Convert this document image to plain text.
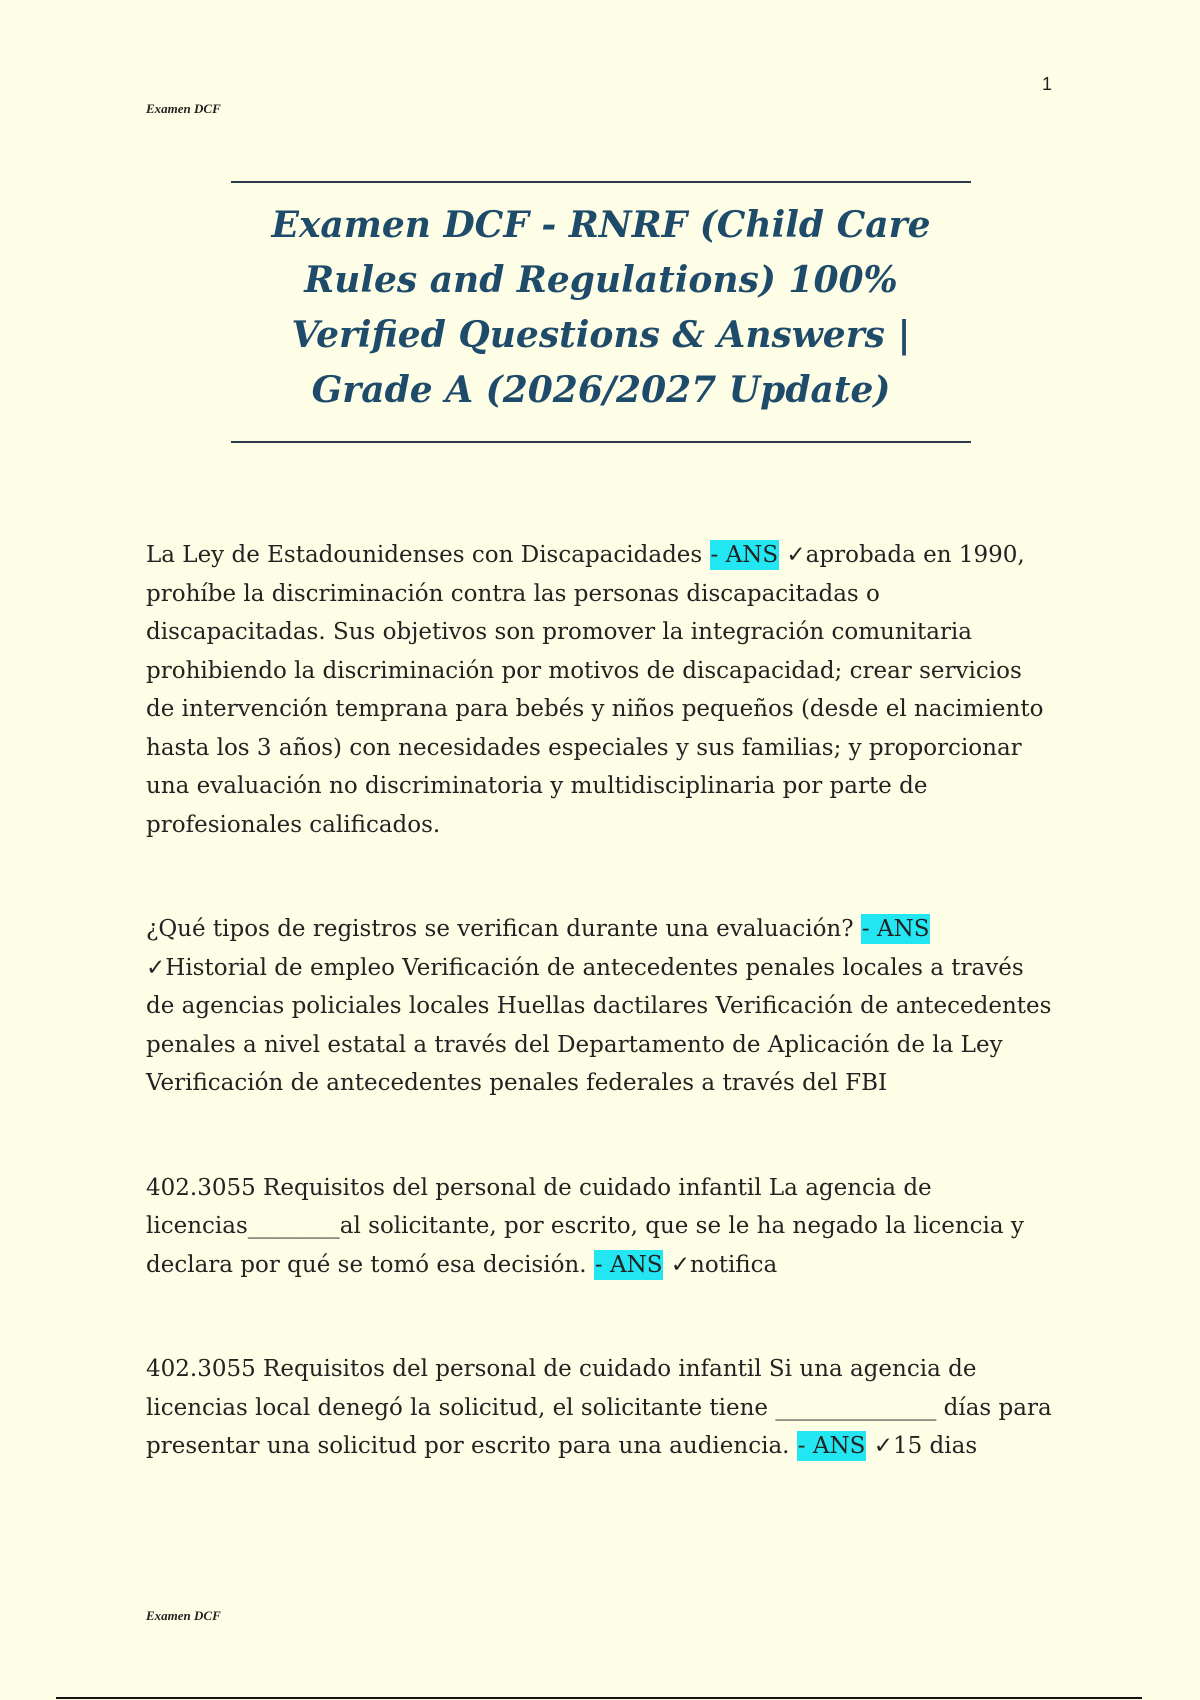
1
Examen DCF
Examen DCF - RNRF (Child Care Rules and Regulations) 100% Verified Questions & Answers | Grade A (2026/2027 Update)

La Ley de Estadounidenses con Discapacidades - ANS ✓aprobada en 1990, prohíbe la discriminación contra las personas discapacitadas o discapacitadas. Sus objetivos son promover la integración comunitaria prohibiendo la discriminación por motivos de discapacidad; crear servicios de intervención temprana para bebés y niños pequeños (desde el nacimiento hasta los 3 años) con necesidades especiales y sus familias; y proporcionar una evaluación no discriminatoria y multidisciplinaria por parte de profesionales calificados.

¿Qué tipos de registros se verifican durante una evaluación? - ANS ✓Historial de empleo Verificación de antecedentes penales locales a través de agencias policiales locales Huellas dactilares Verificación de antecedentes penales a nivel estatal a través del Departamento de Aplicación de la Ley Verificación de antecedentes penales federales a través del FBI

402.3055 Requisitos del personal de cuidado infantil La agencia de licencias________al solicitante, por escrito, que se le ha negado la licencia y declara por qué se tomó esa decisión. - ANS ✓notifica

402.3055 Requisitos del personal de cuidado infantil Si una agencia de licencias local denegó la solicitud, el solicitante tiene ______________ días para presentar una solicitud por escrito para una audiencia. - ANS ✓15 dias

Examen DCF
